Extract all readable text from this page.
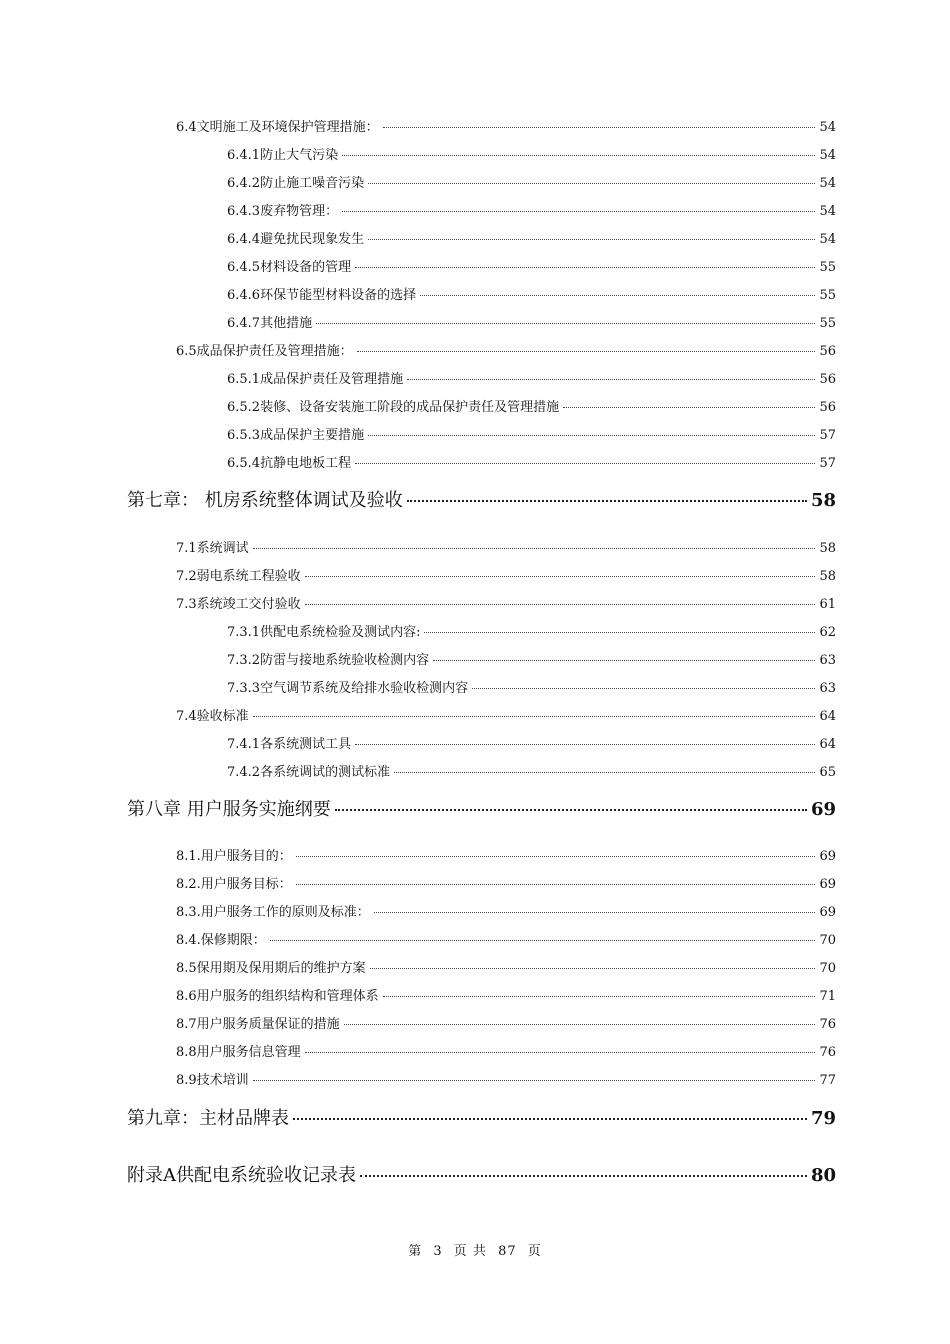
6.4文明施工及环境保护管理措施：	54
6.4.1防止大气污染	54
6.4.2防止施工噪音污染	54
6.4.3废弃物管理：	54
6.4.4避免扰民现象发生	54
6.4.5材料设备的管理	55
6.4.6环保节能型材料设备的选择	55
6.4.7其他措施	55
6.5成品保护责任及管理措施：	56
6.5.1成品保护责任及管理措施	56
6.5.2装修、设备安装施工阶段的成品保护责任及管理措施	56
6.5.3成品保护主要措施	57
6.5.4抗静电地板工程	57
第七章： 机房系统整体调试及验收	58
7.1系统调试	58
7.2弱电系统工程验收	58
7.3系统竣工交付验收	61
7.3.1供配电系统检验及测试内容:	62
7.3.2防雷与接地系统验收检测内容	63
7.3.3空气调节系统及给排水验收检测内容	63
7.4验收标准	64
7.4.1各系统测试工具	64
7.4.2各系统调试的测试标准	65
第八章 用户服务实施纲要	69
8.1.用户服务目的：	69
8.2.用户服务目标：	69
8.3.用户服务工作的原则及标准：	69
8.4.保修期限：	70
8.5保用期及保用期后的维护方案	70
8.6用户服务的组织结构和管理体系	71
8.7用户服务质量保证的措施	76
8.8用户服务信息管理	76
8.9技术培训	77
第九章：主材品牌表	79
附录A供配电系统验收记录表	80
第 3 页 共 87 页
